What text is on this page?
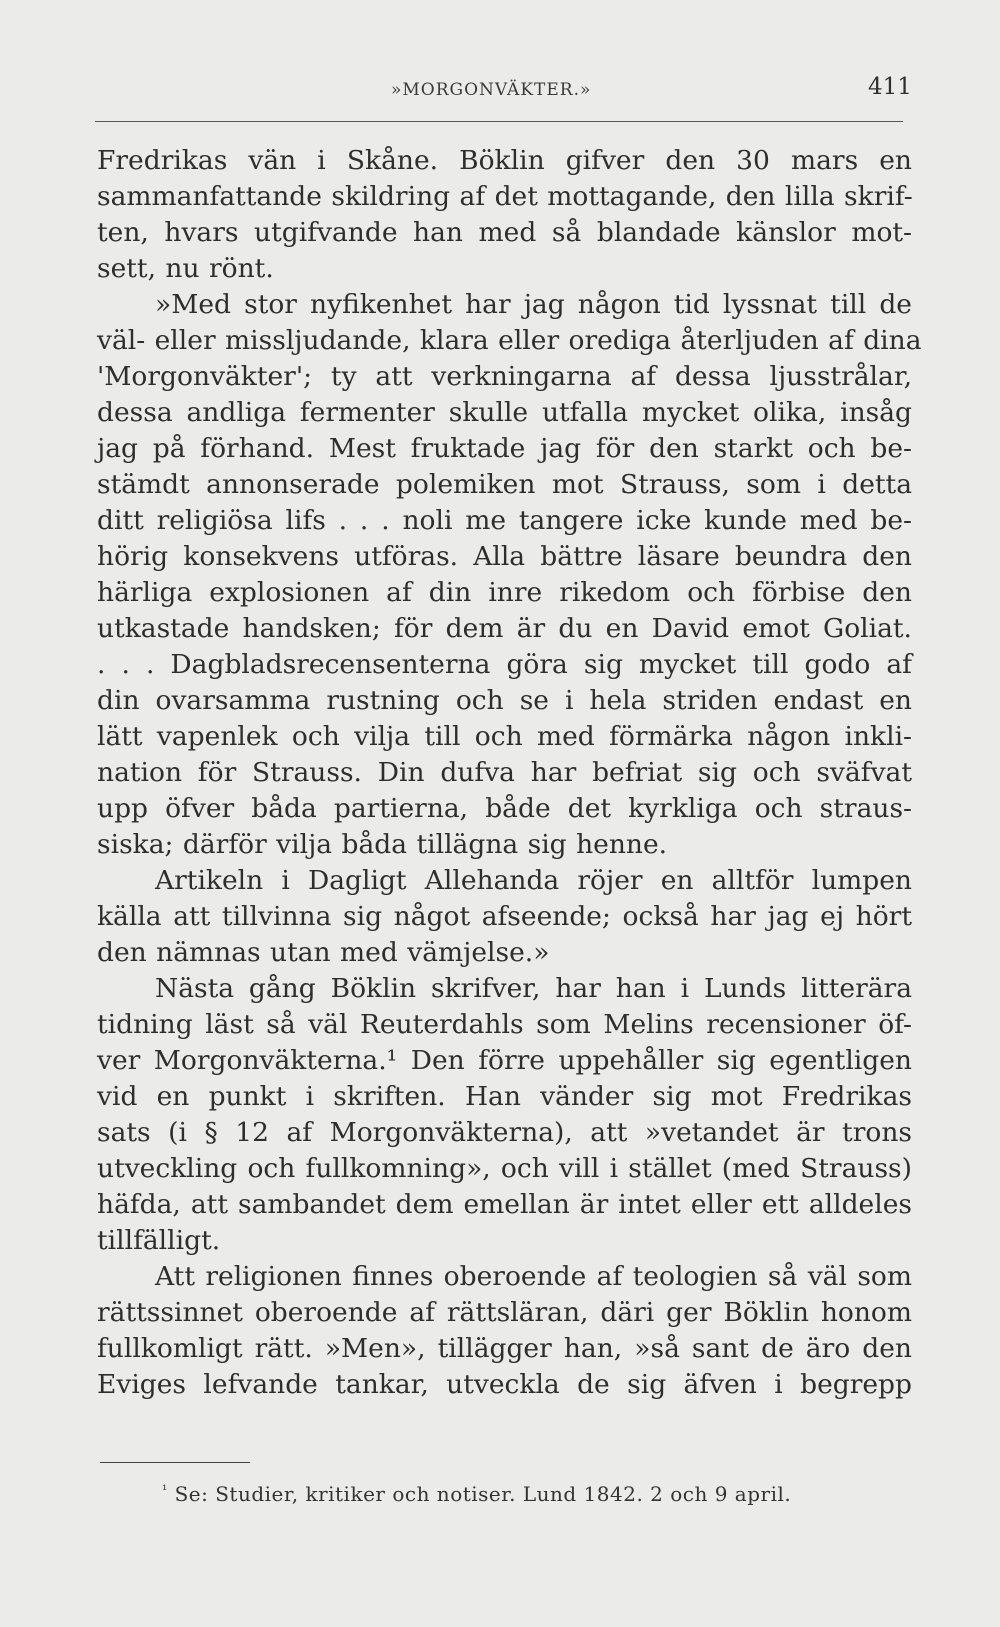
»MORGONVÄKTER.»	411
Fredrikas vän i Skåne. Böklin gifver den 30 mars en
sammanfattande skildring af det mottagande, den lilla skrif-
ten, hvars utgifvande han med så blandade känslor mot-
sett, nu rönt.
»Med stor nyfikenhet har jag någon tid lyssnat till de
väl- eller missljudande, klara eller orediga återljuden af dina
'Morgonväkter'; ty att verkningarna af dessa ljusstrålar,
dessa andliga fermenter skulle utfalla mycket olika, insåg
jag på förhand. Mest fruktade jag för den starkt och be-
stämdt annonserade polemiken mot Strauss, som i detta
ditt religiösa lifs . . . noli me tangere icke kunde med be-
hörig konsekvens utföras. Alla bättre läsare beundra den
härliga explosionen af din inre rikedom och förbise den
utkastade handsken; för dem är du en David emot Goliat.
. . . Dagbladsrecensenterna göra sig mycket till godo af
din ovarsamma rustning och se i hela striden endast en
lätt vapenlek och vilja till och med förmärka någon inkli-
nation för Strauss. Din dufva har befriat sig och sväfvat
upp öfver båda partierna, både det kyrkliga och straus-
siska; därför vilja båda tillägna sig henne.
Artikeln i Dagligt Allehanda röjer en alltför lumpen
källa att tillvinna sig något afseende; också har jag ej hört
den nämnas utan med vämjelse.»
Nästa gång Böklin skrifver, har han i Lunds litterära
tidning läst så väl Reuterdahls som Melins recensioner öf-
ver Morgonväkterna.¹ Den förre uppehåller sig egentligen
vid en punkt i skriften. Han vänder sig mot Fredrikas
sats (i § 12 af Morgonväkterna), att »vetandet är trons
utveckling och fullkomning», och vill i stället (med Strauss)
häfda, att sambandet dem emellan är intet eller ett alldeles
tillfälligt.
Att religionen finnes oberoende af teologien så väl som
rättssinnet oberoende af rättsläran, däri ger Böklin honom
fullkomligt rätt. »Men», tillägger han, »så sant de äro den
Eviges lefvande tankar, utveckla de sig äfven i begrepp
$^{^1}$ Se: Studier, kritiker och notiser. Lund 1842. 2 och 9 april.
